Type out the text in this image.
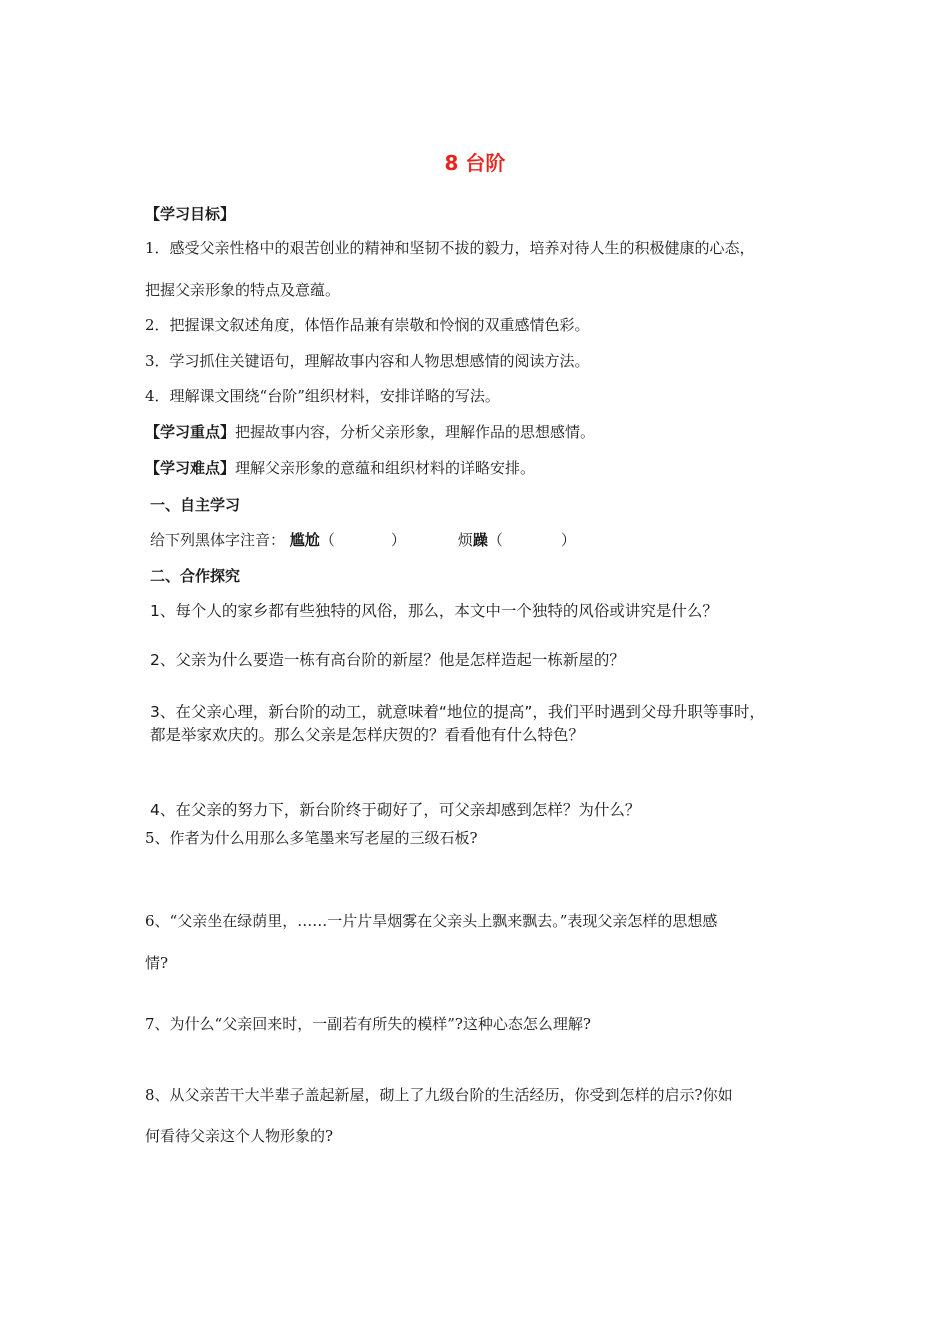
8 台阶
【学习目标】
1．感受父亲性格中的艰苦创业的精神和坚韧不拔的毅力，培养对待人生的积极健康的心态，
把握父亲形象的特点及意蕴。
2．把握课文叙述角度，体悟作品兼有崇敬和怜悯的双重感情色彩。
3．学习抓住关键语句，理解故事内容和人物思想感情的阅读方法。
4．理解课文围绕“台阶”组织材料，安排详略的写法。
【学习重点】把握故事内容，分析父亲形象，理解作品的思想感情。
【学习难点】理解父亲形象的意蕴和组织材料的详略安排。
一、自主学习
给下列黑体字注音： 尴尬（	）	烦躁（	）
二、合作探究
1、每个人的家乡都有些独特的风俗，那么，本文中一个独特的风俗或讲究是什么？
2、父亲为什么要造一栋有高台阶的新屋？他是怎样造起一栋新屋的？
3、在父亲心理，新台阶的动工，就意味着“地位的提高”，我们平时遇到父母升职等事时，
都是举家欢庆的。那么父亲是怎样庆贺的？看看他有什么特色？
4、在父亲的努力下，新台阶终于砌好了，可父亲却感到怎样？为什么？
5、作者为什么用那么多笔墨来写老屋的三级石板?
6、“父亲坐在绿荫里，……一片片旱烟雾在父亲头上飘来飘去。”表现父亲怎样的思想感
情?
7、为什么“父亲回来时，一副若有所失的模样”?这种心态怎么理解?
8、从父亲苦干大半辈子盖起新屋，砌上了九级台阶的生活经历，你受到怎样的启示?你如
何看待父亲这个人物形象的?
